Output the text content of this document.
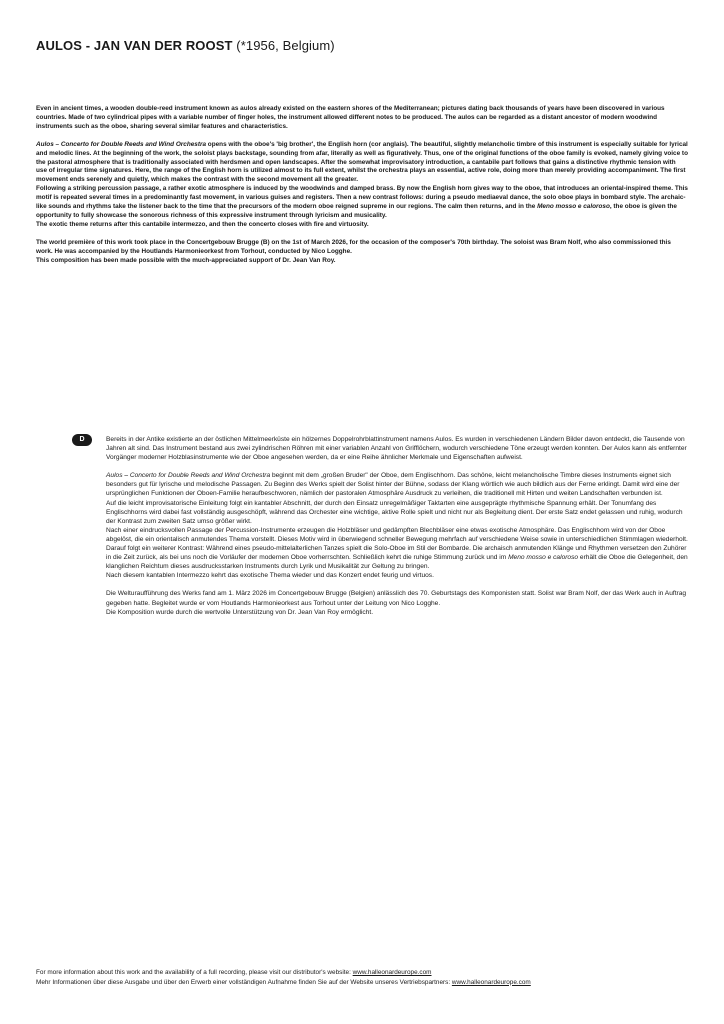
AULOS - JAN VAN DER ROOST (*1956, Belgium)

Even in ancient times, a wooden double-reed instrument known as aulos already existed on the eastern shores of the Mediterranean; pictures dating back thousands of years have been discovered in various countries. Made of two cylindrical pipes with a variable number of finger holes, the instrument allowed different notes to be produced. The aulos can be regarded as a distant ancestor of modern woodwind instruments such as the oboe, sharing several similar features and characteristics.

Aulos – Concerto for Double Reeds and Wind Orchestra opens with the oboe's 'big brother', the English horn (cor anglais). The beautiful, slightly melancholic timbre of this instrument is especially suitable for lyrical and melodic lines. At the beginning of the work, the soloist plays backstage, sounding from afar, literally as well as figuratively. Thus, one of the original functions of the oboe family is evoked, namely giving voice to the pastoral atmosphere that is traditionally associated with herdsmen and open landscapes. After the somewhat improvisatory introduction, a cantabile part follows that gains a distinctive rhythmic tension with use of irregular time signatures. Here, the range of the English horn is utilized almost to its full extent, whilst the orchestra plays an essential, active role, doing more than merely providing accompaniment. The first movement ends serenely and quietly, which makes the contrast with the second movement all the greater.

Following a striking percussion passage, a rather exotic atmosphere is induced by the woodwinds and damped brass. By now the English horn gives way to the oboe, that introduces an oriental-inspired theme. This motif is repeated several times in a predominantly fast movement, in various guises and registers. Then a new contrast follows: during a pseudo mediaeval dance, the solo oboe plays in bombard style. The archaic-like sounds and rhythms take the listener back to the time that the precursors of the modern oboe reigned supreme in our regions. The calm then returns, and in the Meno mosso e caloroso, the oboe is given the opportunity to fully showcase the sonorous richness of this expressive instrument through lyricism and musicality.

The exotic theme returns after this cantabile intermezzo, and then the concerto closes with fire and virtuosity.

The world première of this work took place in the Concertgebouw Brugge (B) on the 1st of March 2026, for the occasion of the composer's 70th birthday. The soloist was Bram Nolf, who also commissioned this work. He was accompanied by the Houtlands Harmonieorkest from Torhout, conducted by Nico Logghe.

This composition has been made possible with the much-appreciated support of Dr. Jean Van Roy.

D	Bereits in der Antike existierte an der östlichen Mittelmeerküste ein hölzernes Doppelrohrblattinstrument namens Aulos. Es wurden in verschiedenen Ländern Bilder davon entdeckt, die Tausende von Jahren alt sind. Das Instrument bestand aus zwei zylindrischen Röhren mit einer variablen Anzahl von Grifflöchern, wodurch verschiedene Töne erzeugt werden konnten. Der Aulos kann als entfernter Vorgänger moderner Holzblasinstrumente wie der Oboe angesehen werden, da er eine Reihe ähnlicher Merkmale und Eigenschaften aufweist.

Aulos – Concerto for Double Reeds and Wind Orchestra beginnt mit dem „großen Bruder" der Oboe, dem Englischhorn. Das schöne, leicht melancholische Timbre dieses Instruments eignet sich besonders gut für lyrische und melodische Passagen. Zu Beginn des Werks spielt der Solist hinter der Bühne, sodass der Klang wörtlich wie auch bildlich aus der Ferne erklingt. Damit wird eine der ursprünglichen Funktionen der Oboen-Familie heraufbeschworen, nämlich der pastoralen Atmosphäre Ausdruck zu verleihen, die traditionell mit Hirten und weiten Landschaften verbunden ist.

Auf die leicht improvisatorische Einleitung folgt ein kantabler Abschnitt, der durch den Einsatz unregelmäßiger Taktarten eine ausgeprägte rhythmische Spannung erhält. Der Tonumfang des Englischhorns wird dabei fast vollständig ausgeschöpft, während das Orchester eine wichtige, aktive Rolle spielt und nicht nur als Begleitung dient. Der erste Satz endet gelassen und ruhig, wodurch der Kontrast zum zweiten Satz umso größer wirkt.

Nach einer eindrucksvollen Passage der Percussion-Instrumente erzeugen die Holzbläser und gedämpften Blechbläser eine etwas exotische Atmosphäre. Das Englischhorn wird von der Oboe abgelöst, die ein orientalisch anmutendes Thema vorstellt. Dieses Motiv wird in überwiegend schneller Bewegung mehrfach auf verschiedene Weise sowie in unterschiedlichen Stimmlagen wiederholt. Darauf folgt ein weiterer Kontrast: Während eines pseudo-mittelalterlichen Tanzes spielt die Solo-Oboe im Stil der Bombarde. Die archaisch anmutenden Klänge und Rhythmen versetzen den Zuhörer in die Zeit zurück, als bei uns noch die Vorläufer der modernen Oboe vorherrschten. Schließlich kehrt die ruhige Stimmung zurück und im Meno mosso e caloroso erhält die Oboe die Gelegenheit, den klanglichen Reichtum dieses ausdrucksstarken Instruments durch Lyrik und Musikalität zur Geltung zu bringen.

Nach diesem kantablen Intermezzo kehrt das exotische Thema wieder und das Konzert endet feurig und virtuos.

Die Welturaufführung des Werks fand am 1. März 2026 im Concertgebouw Brugge (Belgien) anlässlich des 70. Geburtstags des Komponisten statt. Solist war Bram Nolf, der das Werk auch in Auftrag gegeben hatte. Begleitet wurde er vom Houtlands Harmonieorkest aus Torhout unter der Leitung von Nico Logghe.

Die Komposition wurde durch die wertvolle Unterstützung von Dr. Jean Van Roy ermöglicht.

For more information about this work and the availability of a full recording, please visit our distributor's website: www.halleonardeurope.com
Mehr Informationen über diese Ausgabe und über den Erwerb einer vollständigen Aufnahme finden Sie auf der Website unseres Vertriebspartners: www.halleonardeurope.com
